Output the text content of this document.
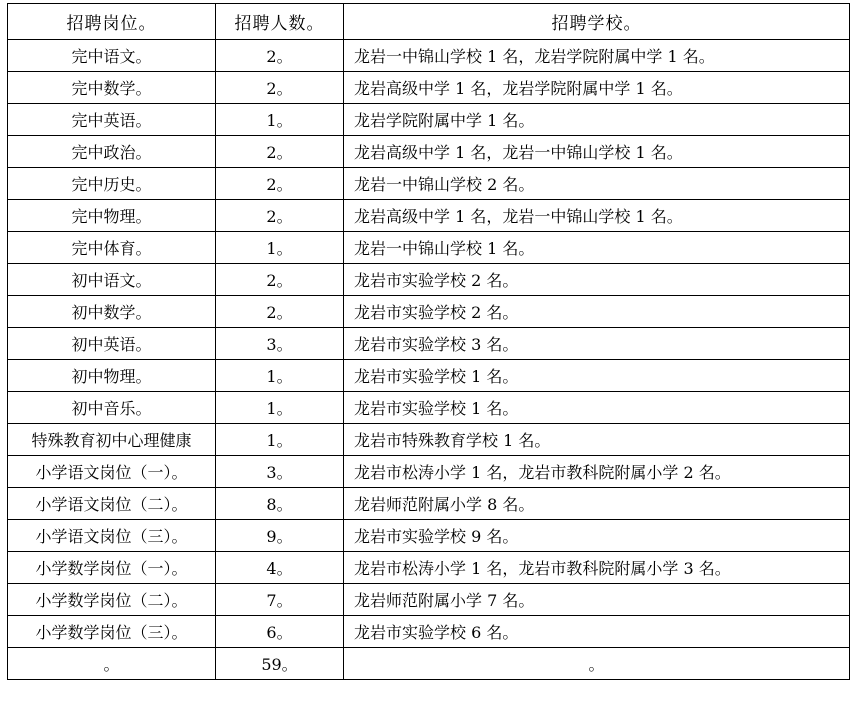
招聘岗位。	招聘人数。	招聘学校。
完中语文。	2。	龙岩一中锦山学校 1 名，龙岩学院附属中学 1 名。
完中数学。	2。	龙岩高级中学 1 名，龙岩学院附属中学 1 名。
完中英语。	1。	龙岩学院附属中学 1 名。
完中政治。	2。	龙岩高级中学 1 名，龙岩一中锦山学校 1 名。
完中历史。	2。	龙岩一中锦山学校 2 名。
完中物理。	2。	龙岩高级中学 1 名，龙岩一中锦山学校 1 名。
完中体育。	1。	龙岩一中锦山学校 1 名。
初中语文。	2。	龙岩市实验学校 2 名。
初中数学。	2。	龙岩市实验学校 2 名。
初中英语。	3。	龙岩市实验学校 3 名。
初中物理。	1。	龙岩市实验学校 1 名。
初中音乐。	1。	龙岩市实验学校 1 名。
特殊教育初中心理健康	1。	龙岩市特殊教育学校 1 名。
小学语文岗位（一）。	3。	龙岩市松涛小学 1 名，龙岩市教科院附属小学 2 名。
小学语文岗位（二）。	8。	龙岩师范附属小学 8 名。
小学语文岗位（三）。	9。	龙岩市实验学校 9 名。
小学数学岗位（一）。	4。	龙岩市松涛小学 1 名，龙岩市教科院附属小学 3 名。
小学数学岗位（二）。	7。	龙岩师范附属小学 7 名。
小学数学岗位（三）。	6。	龙岩市实验学校 6 名。
。	59。	。
